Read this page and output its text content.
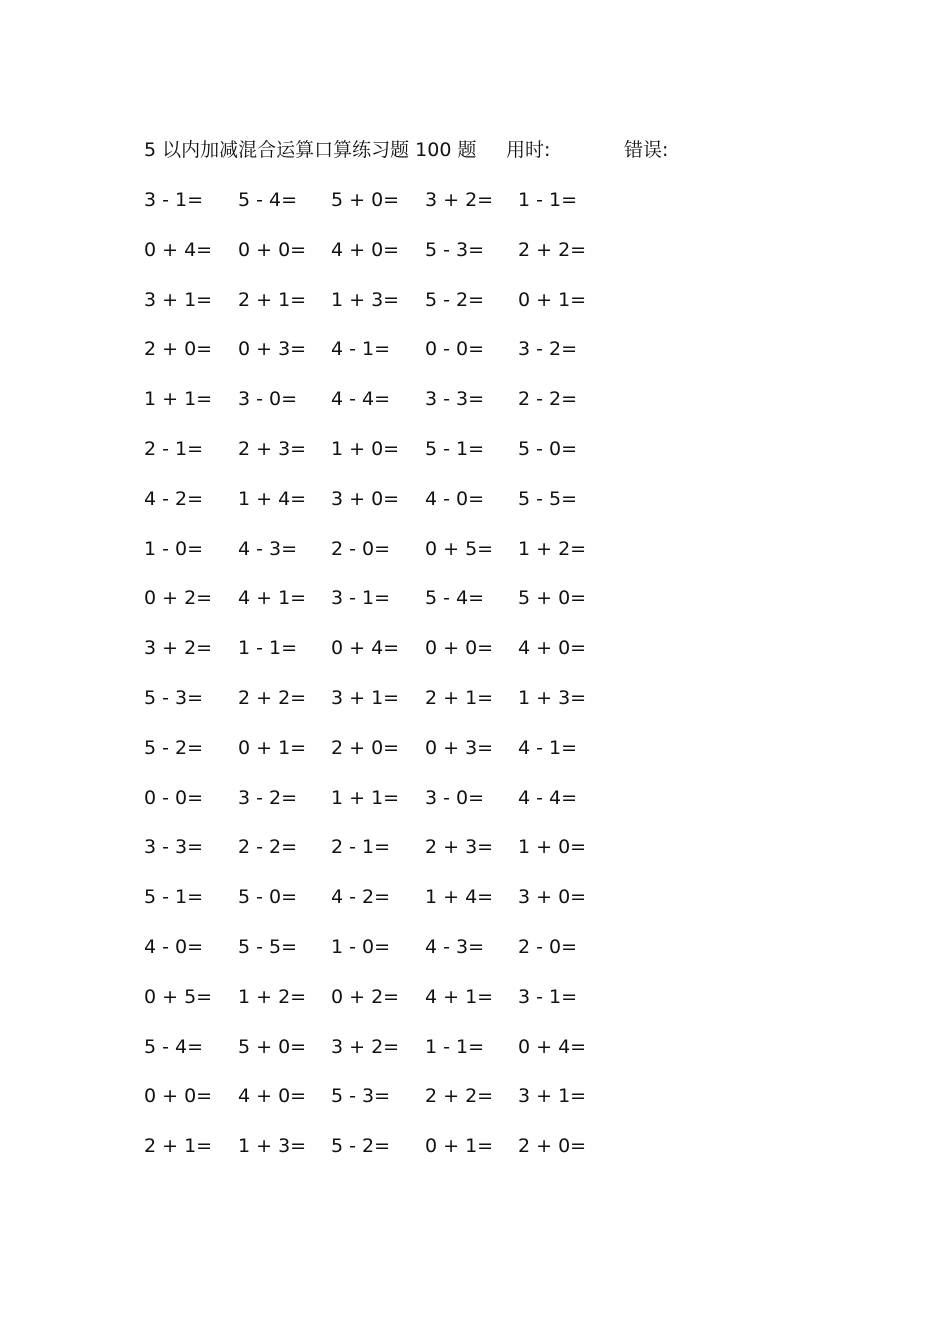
5 以内加减混合运算口算练习题 100 题 用时:	错误:
3 - 1= 5 - 4= 5 + 0= 3 + 2= 1 - 1=
0 + 4= 0 + 0= 4 + 0= 5 - 3= 2 + 2=
3 + 1= 2 + 1= 1 + 3= 5 - 2= 0 + 1=
2 + 0= 0 + 3= 4 - 1= 0 - 0= 3 - 2=
1 + 1= 3 - 0= 4 - 4= 3 - 3= 2 - 2=
2 - 1= 2 + 3= 1 + 0= 5 - 1= 5 - 0=
4 - 2= 1 + 4= 3 + 0= 4 - 0= 5 - 5=
1 - 0= 4 - 3= 2 - 0= 0 + 5= 1 + 2=
0 + 2= 4 + 1= 3 - 1= 5 - 4= 5 + 0=
3 + 2= 1 - 1= 0 + 4= 0 + 0= 4 + 0=
5 - 3= 2 + 2= 3 + 1= 2 + 1= 1 + 3=
5 - 2= 0 + 1= 2 + 0= 0 + 3= 4 - 1=
0 - 0= 3 - 2= 1 + 1= 3 - 0= 4 - 4=
3 - 3= 2 - 2= 2 - 1= 2 + 3= 1 + 0=
5 - 1= 5 - 0= 4 - 2= 1 + 4= 3 + 0=
4 - 0= 5 - 5= 1 - 0= 4 - 3= 2 - 0=
0 + 5= 1 + 2= 0 + 2= 4 + 1= 3 - 1=
5 - 4= 5 + 0= 3 + 2= 1 - 1= 0 + 4=
0 + 0= 4 + 0= 5 - 3= 2 + 2= 3 + 1=
2 + 1= 1 + 3= 5 - 2= 0 + 1= 2 + 0=
